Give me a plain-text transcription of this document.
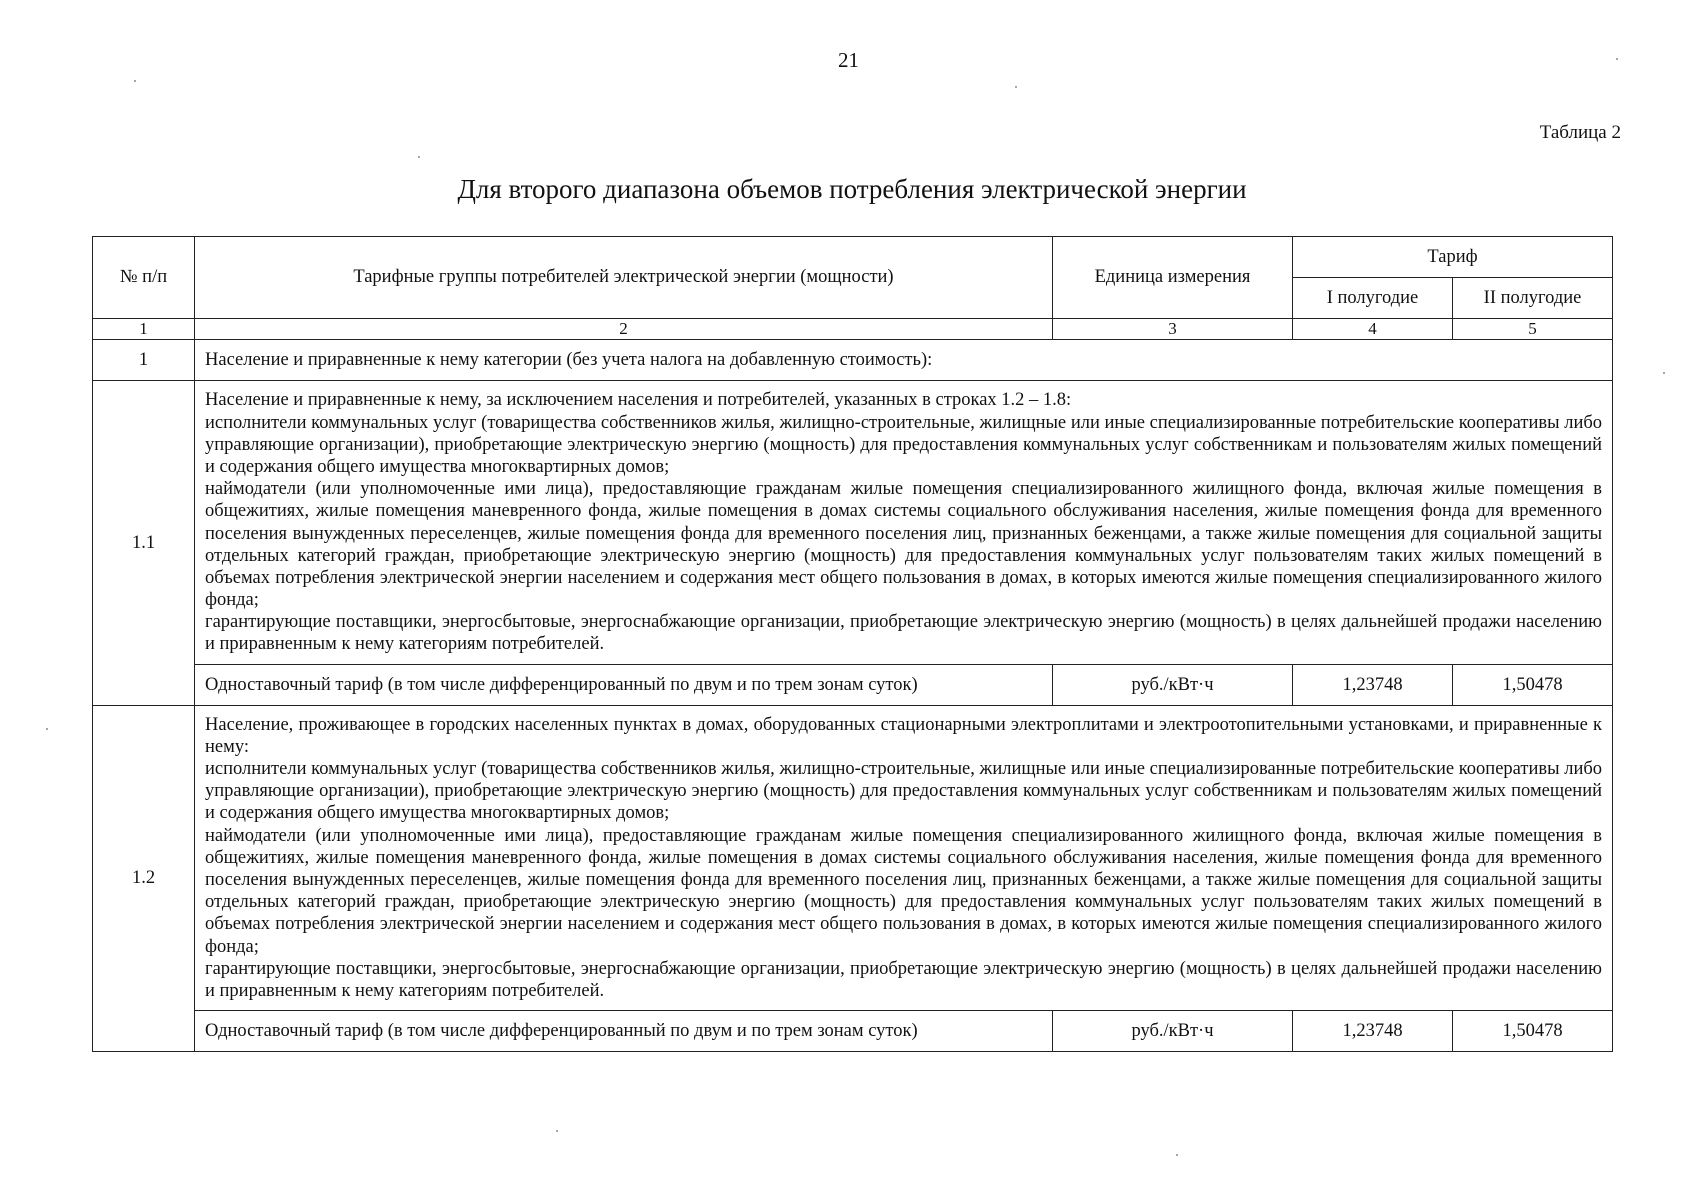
21
Таблица 2
Для второго диапазона объемов потребления электрической энергии
№ п/п	Тарифные группы потребителей электрической энергии (мощности)	Единица измерения	Тариф	
			I полугодие	II полугодие
1	2	3	4	5
1	Население и приравненные к нему категории (без учета налога на добавленную стоимость):			
1.1	Население и приравненные к нему, за исключением населения и потребителей, указанных в строках 1.2 – 1.8:

исполнители коммунальных услуг (товарищества собственников жилья, жилищно-строительные, жилищные или иные специализированные потребительские кооперативы либо управляющие организации), приобретающие электрическую энергию (мощность) для предоставления коммунальных услуг собственникам и пользователям жилых помещений и содержания общего имущества многоквартирных домов;

наймодатели (или уполномоченные ими лица), предоставляющие гражданам жилые помещения специализированного жилищного фонда, включая жилые помещения в общежитиях, жилые помещения маневренного фонда, жилые помещения в домах системы социального обслуживания населения, жилые помещения фонда для временного поселения вынужденных переселенцев, жилые помещения фонда для временного поселения лиц, признанных беженцами, а также жилые помещения для социальной защиты отдельных категорий граждан, приобретающие электрическую энергию (мощность) для предоставления коммунальных услуг пользователям таких жилых помещений в объемах потребления электрической энергии населением и содержания мест общего пользования в домах, в которых имеются жилые помещения специализированного жилого фонда;

гарантирующие поставщики, энергосбытовые, энергоснабжающие организации, приобретающие электрическую энергию (мощность) в целях дальнейшей продажи населению и приравненным к нему категориям потребителей.			

	Одноставочный тариф (в том числе дифференцированный по двум и по трем зонам суток)	руб./кВт·ч	1,23748	1,50478
1.2	Население, проживающее в городских населенных пунктах в домах, оборудованных стационарными электроплитами и электроотопительными установками, и приравненные к нему:

исполнители коммунальных услуг (товарищества собственников жилья, жилищно-строительные, жилищные или иные специализированные потребительские кооперативы либо управляющие организации), приобретающие электрическую энергию (мощность) для предоставления коммунальных услуг собственникам и пользователям жилых помещений и содержания общего имущества многоквартирных домов;

наймодатели (или уполномоченные ими лица), предоставляющие гражданам жилые помещения специализированного жилищного фонда, включая жилые помещения в общежитиях, жилые помещения маневренного фонда, жилые помещения в домах системы социального обслуживания населения, жилые помещения фонда для временного поселения вынужденных переселенцев, жилые помещения фонда для временного поселения лиц, признанных беженцами, а также жилые помещения для социальной защиты отдельных категорий граждан, приобретающие электрическую энергию (мощность) для предоставления коммунальных услуг пользователям таких жилых помещений в объемах потребления электрической энергии населением и содержания мест общего пользования в домах, в которых имеются жилые помещения специализированного жилого фонда;

гарантирующие поставщики, энергосбытовые, энергоснабжающие организации, приобретающие электрическую энергию (мощность) в целях дальнейшей продажи населению и приравненным к нему категориям потребителей.			

	Одноставочный тариф (в том числе дифференцированный по двум и по трем зонам суток)	руб./кВт·ч	1,23748	1,50478
